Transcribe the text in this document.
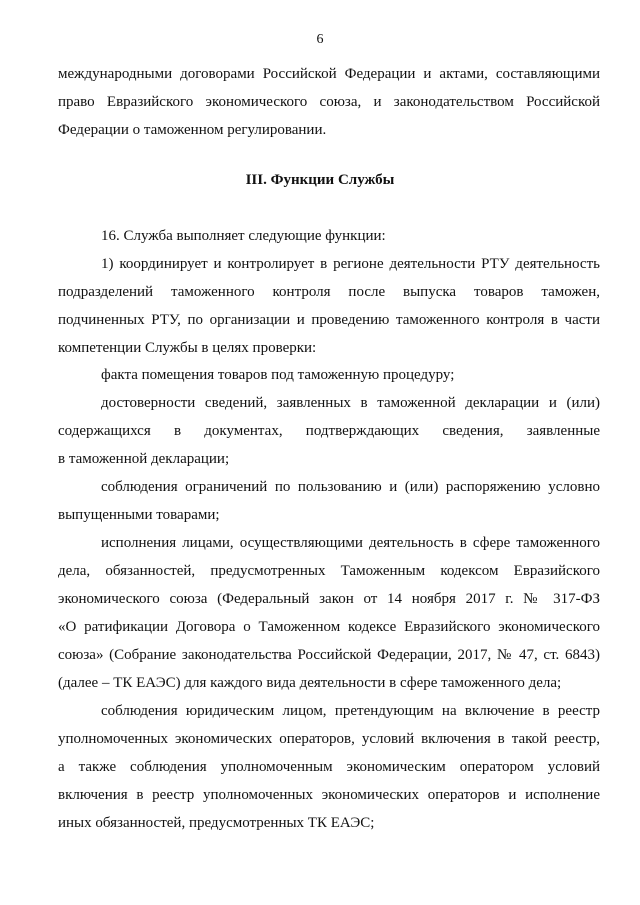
6
международными договорами Российской Федерации и актами, составляющими
право Евразийского экономического союза, и законодательством Российской
Федерации о таможенном регулировании.
III. Функции Службы
16. Служба выполняет следующие функции:
1) координирует и контролирует в регионе деятельности РТУ деятельность
подразделений таможенного контроля после выпуска товаров таможен,
подчиненных РТУ, по организации и проведению таможенного контроля в части
компетенции Службы в целях проверки:
факта помещения товаров под таможенную процедуру;
достоверности сведений, заявленных в таможенной декларации и (или)
содержащихся в документах, подтверждающих сведения, заявленные
в таможенной декларации;
соблюдения ограничений по пользованию и (или) распоряжению условно
выпущенными товарами;
исполнения лицами, осуществляющими деятельность в сфере таможенного
дела, обязанностей, предусмотренных Таможенным кодексом Евразийского
экономического союза (Федеральный закон от 14 ноября 2017 г. № 317-ФЗ
«О ратификации Договора о Таможенном кодексе Евразийского экономического
союза» (Собрание законодательства Российской Федерации, 2017, № 47, ст. 6843)
(далее – ТК ЕАЭС) для каждого вида деятельности в сфере таможенного дела;
соблюдения юридическим лицом, претендующим на включение в реестр
уполномоченных экономических операторов, условий включения в такой реестр,
а также соблюдения уполномоченным экономическим оператором условий
включения в реестр уполномоченных экономических операторов и исполнение
иных обязанностей, предусмотренных ТК ЕАЭС;
